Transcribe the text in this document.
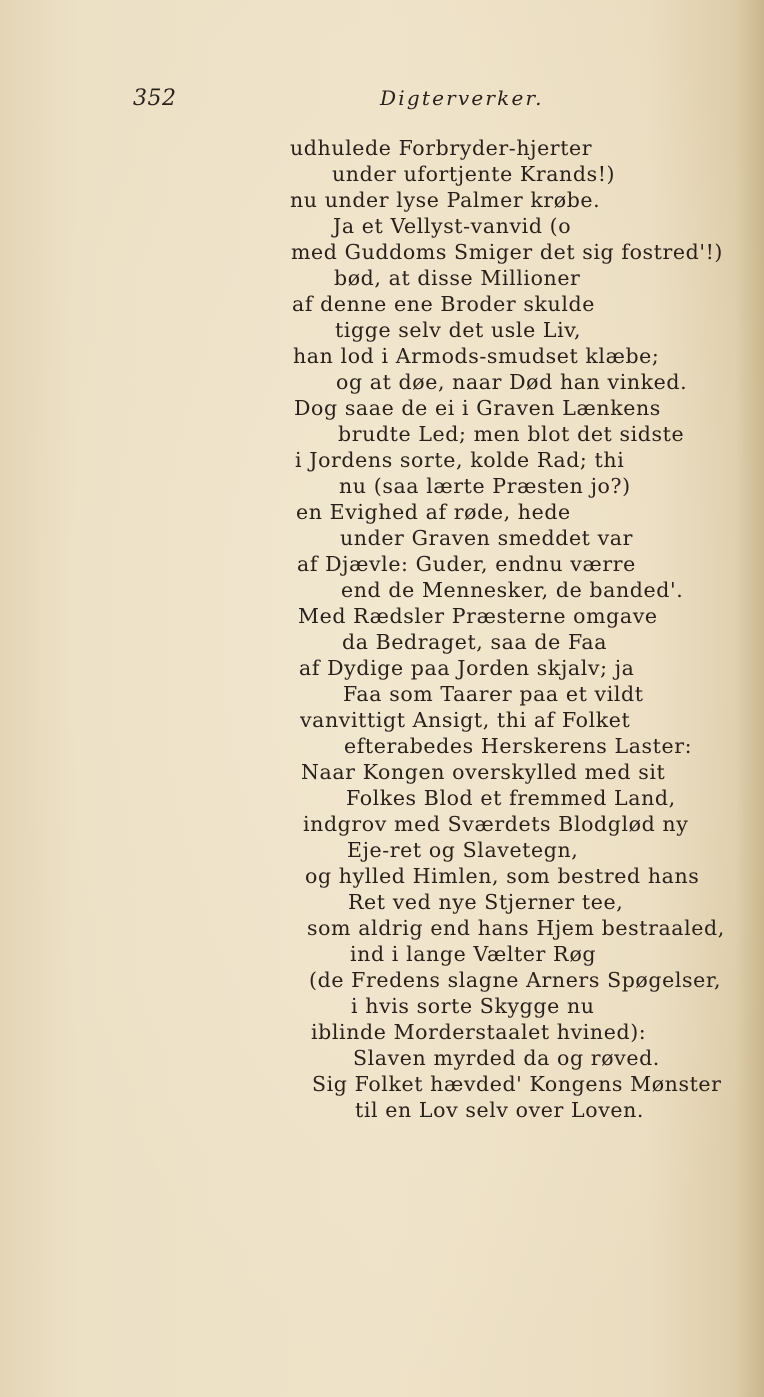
352	Digterverker.
udhulede Forbryder-hjerter
under ufortjente Krands!)
nu under lyse Palmer krøbe.
Ja et Vellyst-vanvid (o
med Guddoms Smiger det sig fostred'!)
bød, at disse Millioner
af denne ene Broder skulde
tigge selv det usle Liv,
han lod i Armods-smudset klæbe;
og at døe, naar Død han vinked.
Dog saae de ei i Graven Lænkens
brudte Led; men blot det sidste
i Jordens sorte, kolde Rad; thi
nu (saa lærte Præsten jo?)
en Evighed af røde, hede
under Graven smeddet var
af Djævle: Guder, endnu værre
end de Mennesker, de banded'.
Med Rædsler Præsterne omgave
da Bedraget, saa de Faa
af Dydige paa Jorden skjalv; ja
Faa som Taarer paa et vildt
vanvittigt Ansigt, thi af Folket
efterabedes Herskerens Laster:
Naar Kongen overskylled med sit
Folkes Blod et fremmed Land,
indgrov med Sværdets Blodglød ny
Eje-ret og Slavetegn,
og hylled Himlen, som bestred hans
Ret ved nye Stjerner tee,
som aldrig end hans Hjem bestraaled,
ind i lange Vælter Røg
(de Fredens slagne Arners Spøgelser,
i hvis sorte Skygge nu
iblinde Morderstaalet hvined):
Slaven myrded da og røved.
Sig Folket hævded' Kongens Mønster
til en Lov selv over Loven.
